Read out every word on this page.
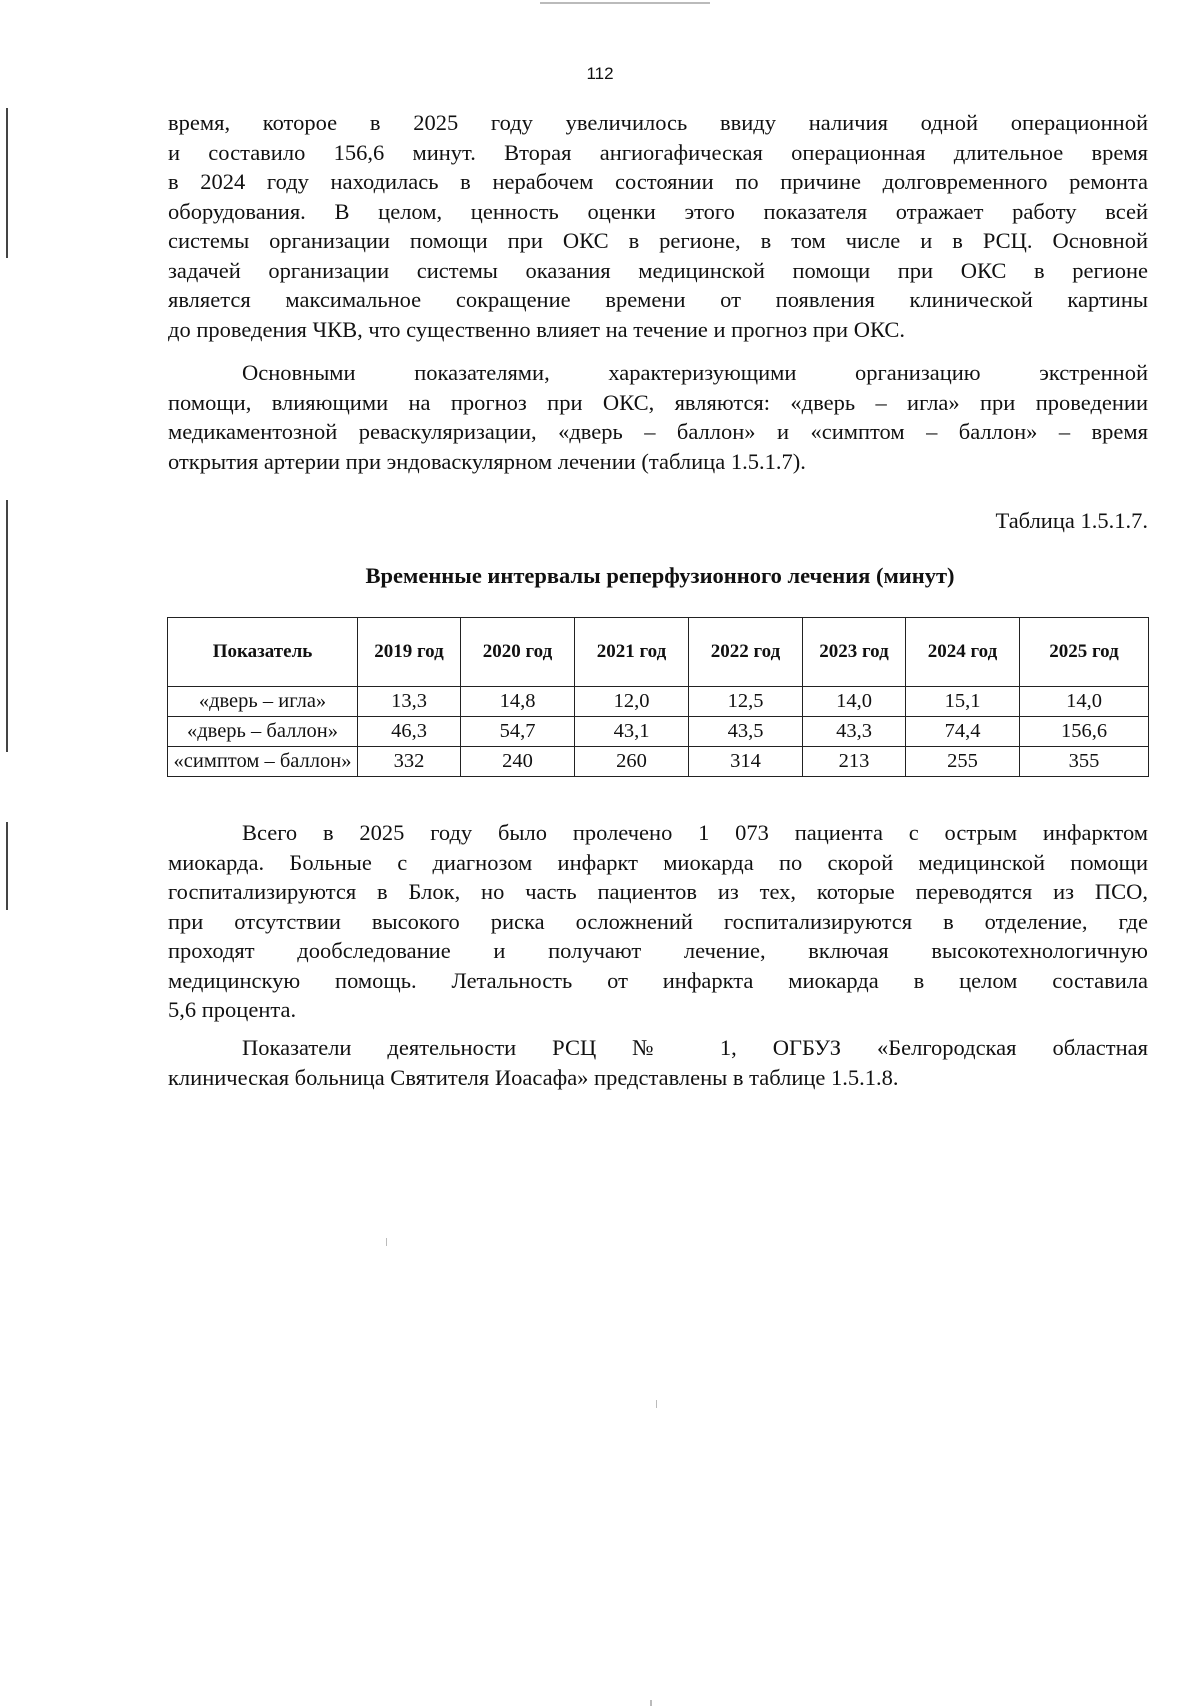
112
время, которое в 2025 году увеличилось ввиду наличия одной операционной
и составило 156,6 минут. Вторая ангиогафическая операционная длительное время
в 2024 году находилась в нерабочем состоянии по причине долговременного ремонта
оборудования. В целом, ценность оценки этого показателя отражает работу всей
системы организации помощи при ОКС в регионе, в том числе и в РСЦ. Основной
задачей организации системы оказания медицинской помощи при ОКС в регионе
является максимальное сокращение времени от появления клинической картины
до проведения ЧКВ, что существенно влияет на течение и прогноз при ОКС.
Основными показателями, характеризующими организацию экстренной
помощи, влияющими на прогноз при ОКС, являются: «дверь – игла» при проведении
медикаментозной реваскуляризации, «дверь – баллон» и «симптом – баллон» – время
открытия артерии при эндоваскулярном лечении (таблица 1.5.1.7).
Таблица 1.5.1.7.
Временные интервалы реперфузионного лечения (минут)
Показатель	2019 год	2020 год	2021 год	2022 год	2023 год	2024 год	2025 год
«дверь – игла»	13,3	14,8	12,0	12,5	14,0	15,1	14,0
«дверь – баллон»	46,3	54,7	43,1	43,5	43,3	74,4	156,6
«симптом – баллон»	332	240	260	314	213	255	355
Всего в 2025 году было пролечено 1 073 пациента с острым инфарктом
миокарда. Больные с диагнозом инфаркт миокарда по скорой медицинской помощи
госпитализируются в Блок, но часть пациентов из тех, которые переводятся из ПСО,
при отсутствии высокого риска осложнений госпитализируются в отделение, где
проходят дообследование и получают лечение, включая высокотехнологичную
медицинскую помощь. Летальность от инфаркта миокарда в целом составила
5,6 процента.
Показатели деятельности РСЦ № 1, ОГБУЗ «Белгородская областная
клиническая больница Святителя Иоасафа» представлены в таблице 1.5.1.8.
